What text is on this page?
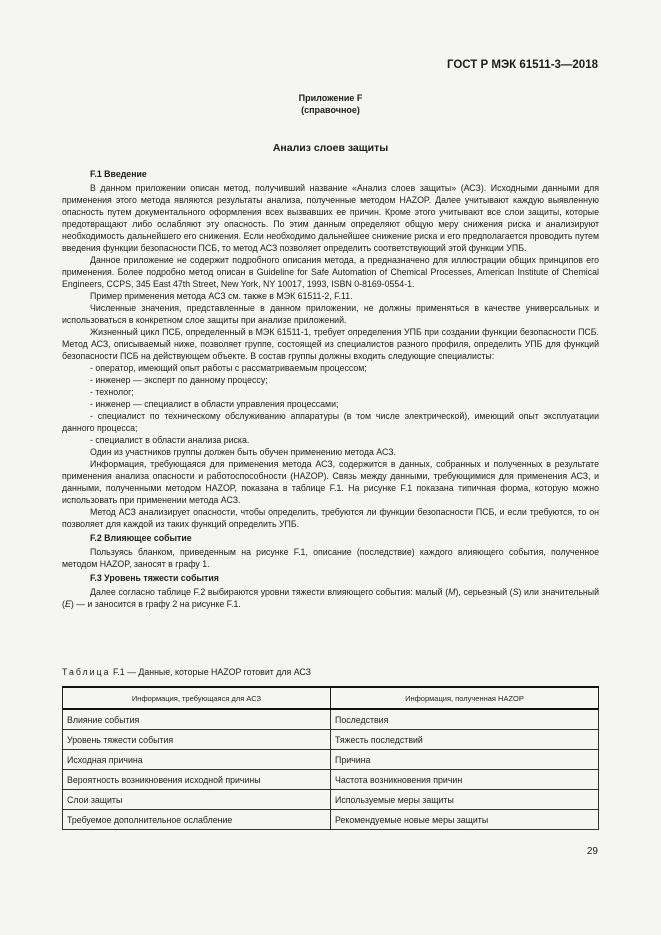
ГОСТ Р МЭК 61511-3—2018
Приложение F
(справочное)
Анализ слоев защиты

F.1 Введение

В данном приложении описан метод, получивший название «Анализ слоев защиты» (АСЗ). Исходными данными для применения этого метода являются результаты анализа, полученные методом HAZOP. Далее учитывают каждую выявленную опасность путем документального оформления всех вызвавших ее причин. Кроме этого учитывают все слои защиты, которые предотвращают либо ослабляют эту опасность. По этим данным определяют общую меру снижения риска и анализируют необходимость дальнейшего его снижения. Если необходимо дальнейшее снижение риска и его предполагается проводить путем введения функции безопасности ПСБ, то метод АСЗ позволяет определить соответствующий этой функции УПБ.

Данное приложение не содержит подробного описания метода, а предназначено для иллюстрации общих принципов его применения. Более подробно метод описан в Guideline for Safe Automation of Chemical Processes, American Institute of Chemical Engineers, CCPS, 345 East 47th Street, New York, NY 10017, 1993, ISBN 0-8169-0554-1.

Пример применения метода АСЗ см. также в МЭК 61511-2, F.11.

Численные значения, представленные в данном приложении, не должны применяться в качестве универсальных и использоваться в конкретном слое защиты при анализе приложений.

Жизненный цикл ПСБ, определенный в МЭК 61511-1, требует определения УПБ при создании функции безопасности ПСБ. Метод АСЗ, описываемый ниже, позволяет группе, состоящей из специалистов разного профиля, определить УПБ для функций безопасности ПСБ на действующем объекте. В состав группы должны входить следующие специалисты:

- оператор, имеющий опыт работы с рассматриваемым процессом;

- инженер — эксперт по данному процессу;

- технолог;

- инженер — специалист в области управления процессами;

- специалист по техническому обслуживанию аппаратуры (в том числе электрической), имеющий опыт эксплуатации данного процесса;

- специалист в области анализа риска.

Один из участников группы должен быть обучен применению метода АСЗ.

Информация, требующаяся для применения метода АСЗ, содержится в данных, собранных и полученных в результате применения анализа опасности и работоспособности (HAZOP). Связь между данными, требующимися для применения АСЗ, и данными, полученными методом HAZOP, показана в таблице F.1. На рисунке F.1 показана типичная форма, которую можно использовать при применении метода АСЗ.

Метод АСЗ анализирует опасности, чтобы определить, требуются ли функции безопасности ПСБ, и если требуются, то он позволяет для каждой из таких функций определить УПБ.

F.2 Влияющее событие

Пользуясь бланком, приведенным на рисунке F.1, описание (последствие) каждого влияющего события, полученное методом HAZOP, заносят в графу 1.

F.3 Уровень тяжести события

Далее согласно таблице F.2 выбираются уровни тяжести влияющего события: малый (M), серьезный (S) или значительный (E) — и заносится в графу 2 на рисунке F.1.

Таблица F.1 — Данные, которые HAZOP готовит для АСЗ
Информация, требующаяся для АСЗ	Информация, полученная HAZOP
Влияние события	Последствия
Уровень тяжести события	Тяжесть последствий
Исходная причина	Причина
Вероятность возникновения исходной причины	Частота возникновения причин
Слои защиты	Используемые меры защиты
Требуемое дополнительное ослабление	Рекомендуемые новые меры защиты
29
